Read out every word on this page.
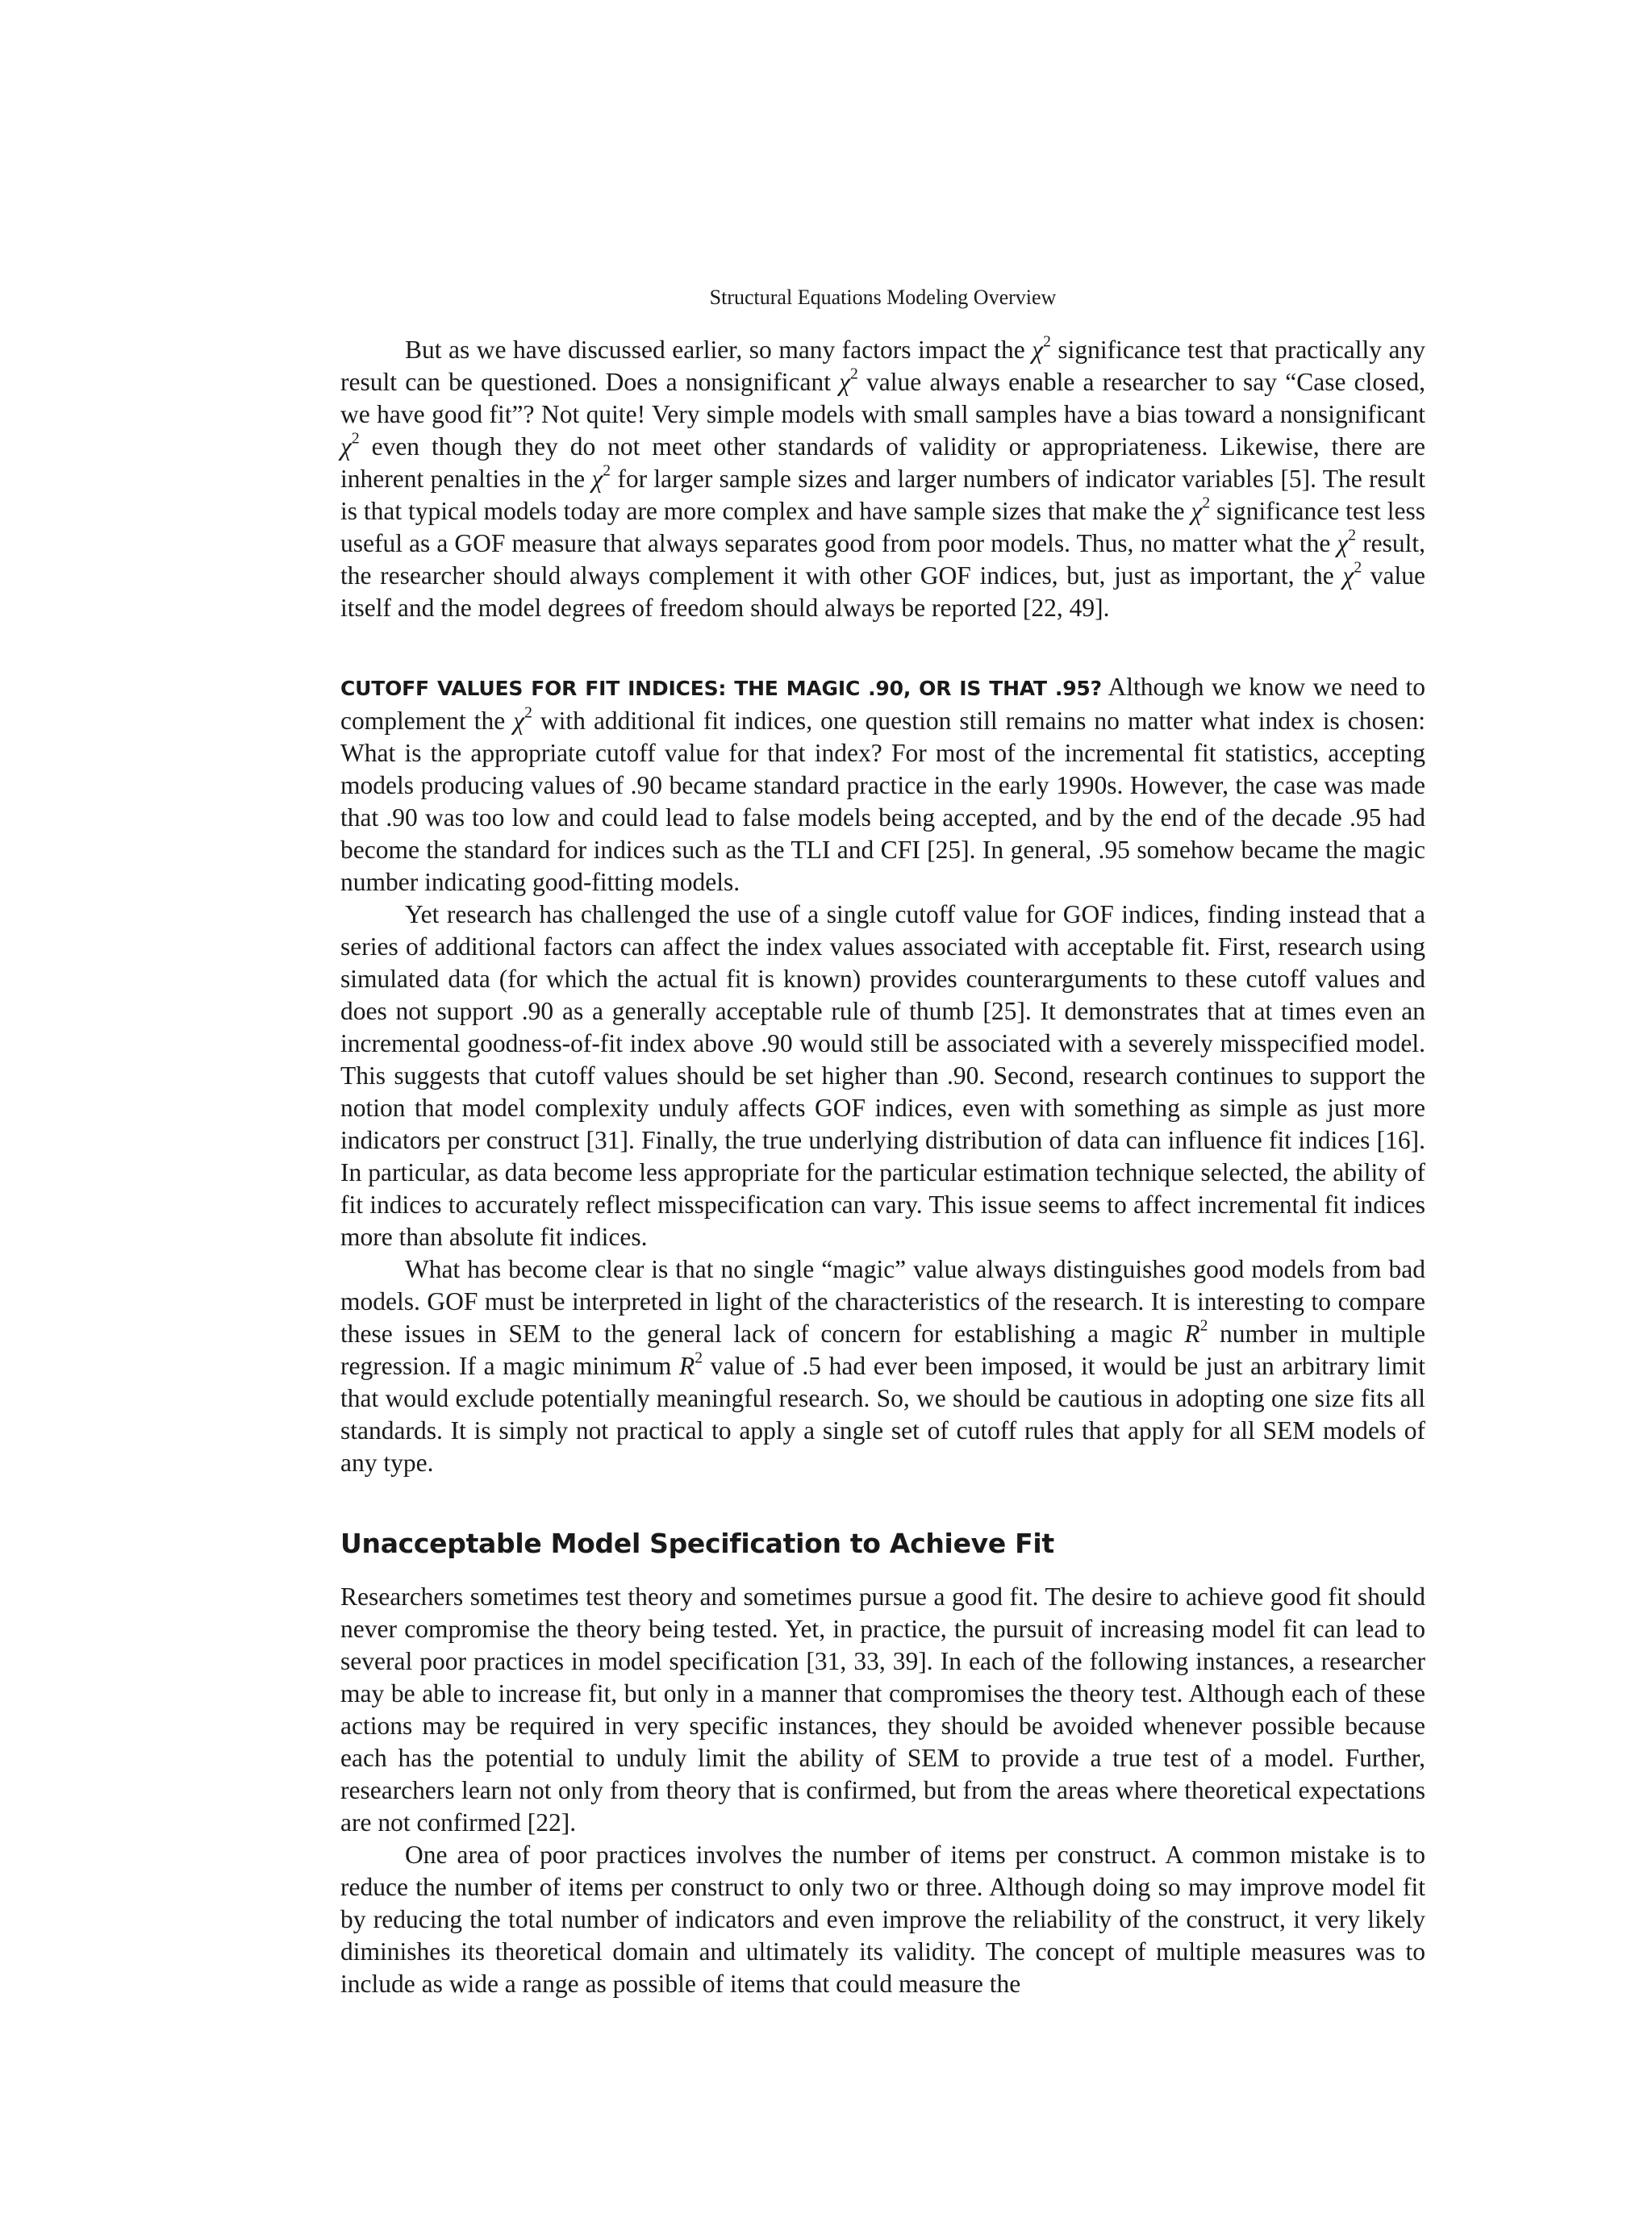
Structural Equations Modeling Overview

But as we have discussed earlier, so many factors impact the $\chi^2$ significance test that practically any result can be questioned. Does a nonsignificant $\chi^2$ value always enable a researcher to say “Case closed, we have good fit”? Not quite! Very simple models with small samples have a bias toward a nonsignificant $\chi^2$ even though they do not meet other standards of validity or appropriateness. Likewise, there are inherent penalties in the $\chi^2$ for larger sample sizes and larger numbers of indicator variables [5]. The result is that typical models today are more complex and have sample sizes that make the $\chi^2$ significance test less useful as a GOF measure that always separates good from poor models. Thus, no matter what the $\chi^2$ result, the researcher should always complement it with other GOF indices, but, just as important, the $\chi^2$ value itself and the model degrees of freedom should always be reported [22, 49].

CUTOFF VALUES FOR FIT INDICES: THE MAGIC .90, OR IS THAT .95? Although we know we need to complement the $\chi^2$ with additional fit indices, one question still remains no matter what index is chosen: What is the appropriate cutoff value for that index? For most of the incremental fit statistics, accepting models producing values of .90 became standard practice in the early 1990s. However, the case was made that .90 was too low and could lead to false models being accepted, and by the end of the decade .95 had become the standard for indices such as the TLI and CFI [25]. In general, .95 somehow became the magic number indicating good-fitting models.

Yet research has challenged the use of a single cutoff value for GOF indices, finding instead that a series of additional factors can affect the index values associated with acceptable fit. First, research using simulated data (for which the actual fit is known) provides counterarguments to these cutoff values and does not support .90 as a generally acceptable rule of thumb [25]. It demonstrates that at times even an incremental goodness-of-fit index above .90 would still be associated with a severely misspecified model. This suggests that cutoff values should be set higher than .90. Second, research continues to support the notion that model complexity unduly affects GOF indices, even with something as simple as just more indicators per construct [31]. Finally, the true underlying distribution of data can influence fit indices [16]. In particular, as data become less appropriate for the particular estimation technique selected, the ability of fit indices to accurately reflect misspecification can vary. This issue seems to affect incremental fit indices more than absolute fit indices.

What has become clear is that no single “magic” value always distinguishes good models from bad models. GOF must be interpreted in light of the characteristics of the research. It is interesting to compare these issues in SEM to the general lack of concern for establishing a magic $R^2$ number in multiple regression. If a magic minimum $R^2$ value of .5 had ever been imposed, it would be just an arbitrary limit that would exclude potentially meaningful research. So, we should be cautious in adopting one size fits all standards. It is simply not practical to apply a single set of cutoff rules that apply for all SEM models of any type.

Unacceptable Model Specification to Achieve Fit

Researchers sometimes test theory and sometimes pursue a good fit. The desire to achieve good fit should never compromise the theory being tested. Yet, in practice, the pursuit of increasing model fit can lead to several poor practices in model specification [31, 33, 39]. In each of the following instances, a researcher may be able to increase fit, but only in a manner that compromises the theory test. Although each of these actions may be required in very specific instances, they should be avoided whenever possible because each has the potential to unduly limit the ability of SEM to provide a true test of a model. Further, researchers learn not only from theory that is confirmed, but from the areas where theoretical expectations are not confirmed [22].

One area of poor practices involves the number of items per construct. A common mistake is to reduce the number of items per construct to only two or three. Although doing so may improve model fit by reducing the total number of indicators and even improve the reliability of the construct, it very likely diminishes its theoretical domain and ultimately its validity. The concept of multiple measures was to include as wide a range as possible of items that could measure the
